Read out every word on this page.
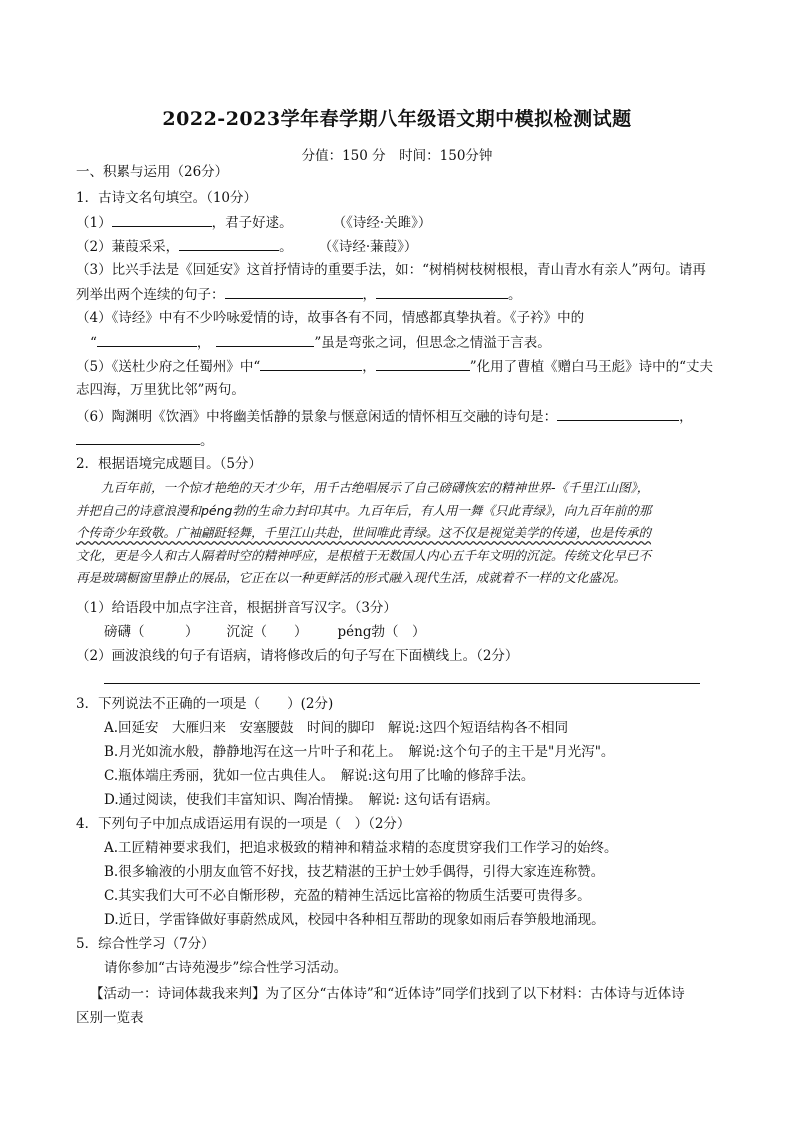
2022-2023学年春学期八年级语文期中模拟检测试题
分值：150 分　时间：150分钟
一、积累与运用（26分）
1．古诗文名句填空。（10分）
（1）	，君子好逑。	（《诗经·关雎》）
（2）蒹葭采采，	。 （《诗经·蒹葭》）
（3）比兴手法是《回延安》这首抒情诗的重要手法，如：“树梢树枝树根根，青山青水有亲人”两句。请再
列举出两个连续的句子：	，	。
（4）《诗经》中有不少吟咏爱情的诗，故事各有不同，情感都真挚执着。《子衿》中的
“	，	”虽是弯张之词，但思念之情溢于言表。
（5）《送杜少府之任蜀州》中“	，	”化用了曹植《赠白马王彪》诗中的“丈夫
志四海，万里犹比邻”两句。
（6）陶渊明《饮酒》中将幽美恬静的景象与惬意闲适的情怀相互交融的诗句是：	，
。
2．根据语境完成题目。（5分）
　　九百年前，一个惊才艳绝的天才少年，用千古绝唱展示了自己磅礴恢宏的精神世界-《千里江山图》，
并把自己的诗意浪漫和péng勃的生命力封印其中。九百年后，有人用一舞《只此青绿》，向九百年前的那
个传奇少年致敬。广袖翩跹轻舞，千里江山共赴，世间唯此青绿。这不仅是视觉美学的传递，也是传承的
文化，更是今人和古人隔着时空的精神呼应，是根植于无数国人内心五千年文明的沉淀。传统文化早已不
再是玻璃橱窗里静止的展品，它正在以一种更鲜活的形式融入现代生活，成就着不一样的文化盛况。
（1）给语段中加点字注音，根据拼音写汉字。（3分）
磅礴（　　　） 沉淀（　　） péng勃（　）
（2）画波浪线的句子有语病，请将修改后的句子写在下面横线上。（2分）
3．下列说法不正确的一项是（　　）(2分)
A.回延安　大雁归来　安塞腰鼓　时间的脚印　解说:这四个短语结构各不相同
B.月光如流水般，静静地泻在这一片叶子和花上。　解说:这个句子的主干是"月光泻"。
C.瓶体端庄秀丽，犹如一位古典佳人。　解说:这句用了比喻的修辞手法。
D.通过阅读，使我们丰富知识、陶冶情操。　解说: 这句话有语病。
4．下列句子中加点成语运用有误的一项是（　）（2分）
A.工匠精神要求我们，把追求极致的精神和精益求精的态度贯穿我们工作学习的始终。
B.很多输液的小朋友血管不好找，技艺精湛的王护士妙手偶得，引得大家连连称赞。
C.其实我们大可不必自惭形秽，充盈的精神生活远比富裕的物质生活要可贵得多。
D.近日，学雷锋做好事蔚然成风，校园中各种相互帮助的现象如雨后春笋般地涌现。
5．综合性学习（7分）
请你参加“古诗苑漫步”综合性学习活动。
【活动一：诗词体裁我来判】为了区分“古体诗”和“近体诗”同学们找到了以下材料：古体诗与近体诗
区别一览表
